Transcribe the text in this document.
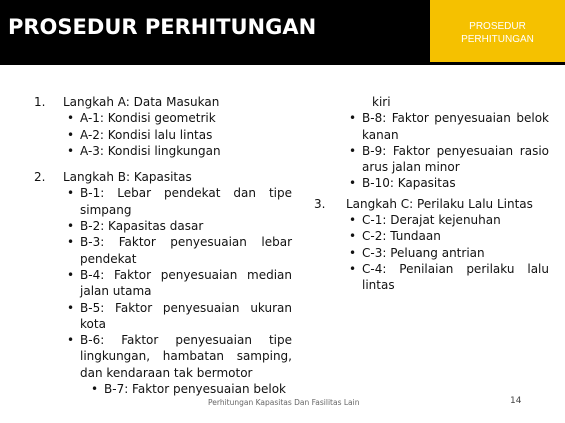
PROSEDUR PERHITUNGAN	PROSEDUR
PERHITUNGAN
1. Langkah A: Data Masukan
• A-1: Kondisi geometrik
• A-2: Kondisi lalu lintas
• A-3: Kondisi lingkungan
2. Langkah B: Kapasitas
• B-1: Lebar pendekat dan tipe simpang
• B-2: Kapasitas dasar
• B-3: Faktor penyesuaian lebar pendekat
• B-4: Faktor penyesuaian median jalan utama
• B-5: Faktor penyesuaian ukuran kota
• B-6: Faktor penyesuaian tipe lingkungan, hambatan samping, dan kendaraan tak bermotor
• B-7: Faktor penyesuaian belok
kiri
• B-8: Faktor penyesuaian belok kanan
• B-9: Faktor penyesuaian rasio arus jalan minor
• B-10: Kapasitas
3. Langkah C: Perilaku Lalu Lintas
• C-1: Derajat kejenuhan
• C-2: Tundaan
• C-3: Peluang antrian
• C-4: Penilaian perilaku lalu lintas
Perhitungan Kapasitas Dan Fasilitas Lain	14
